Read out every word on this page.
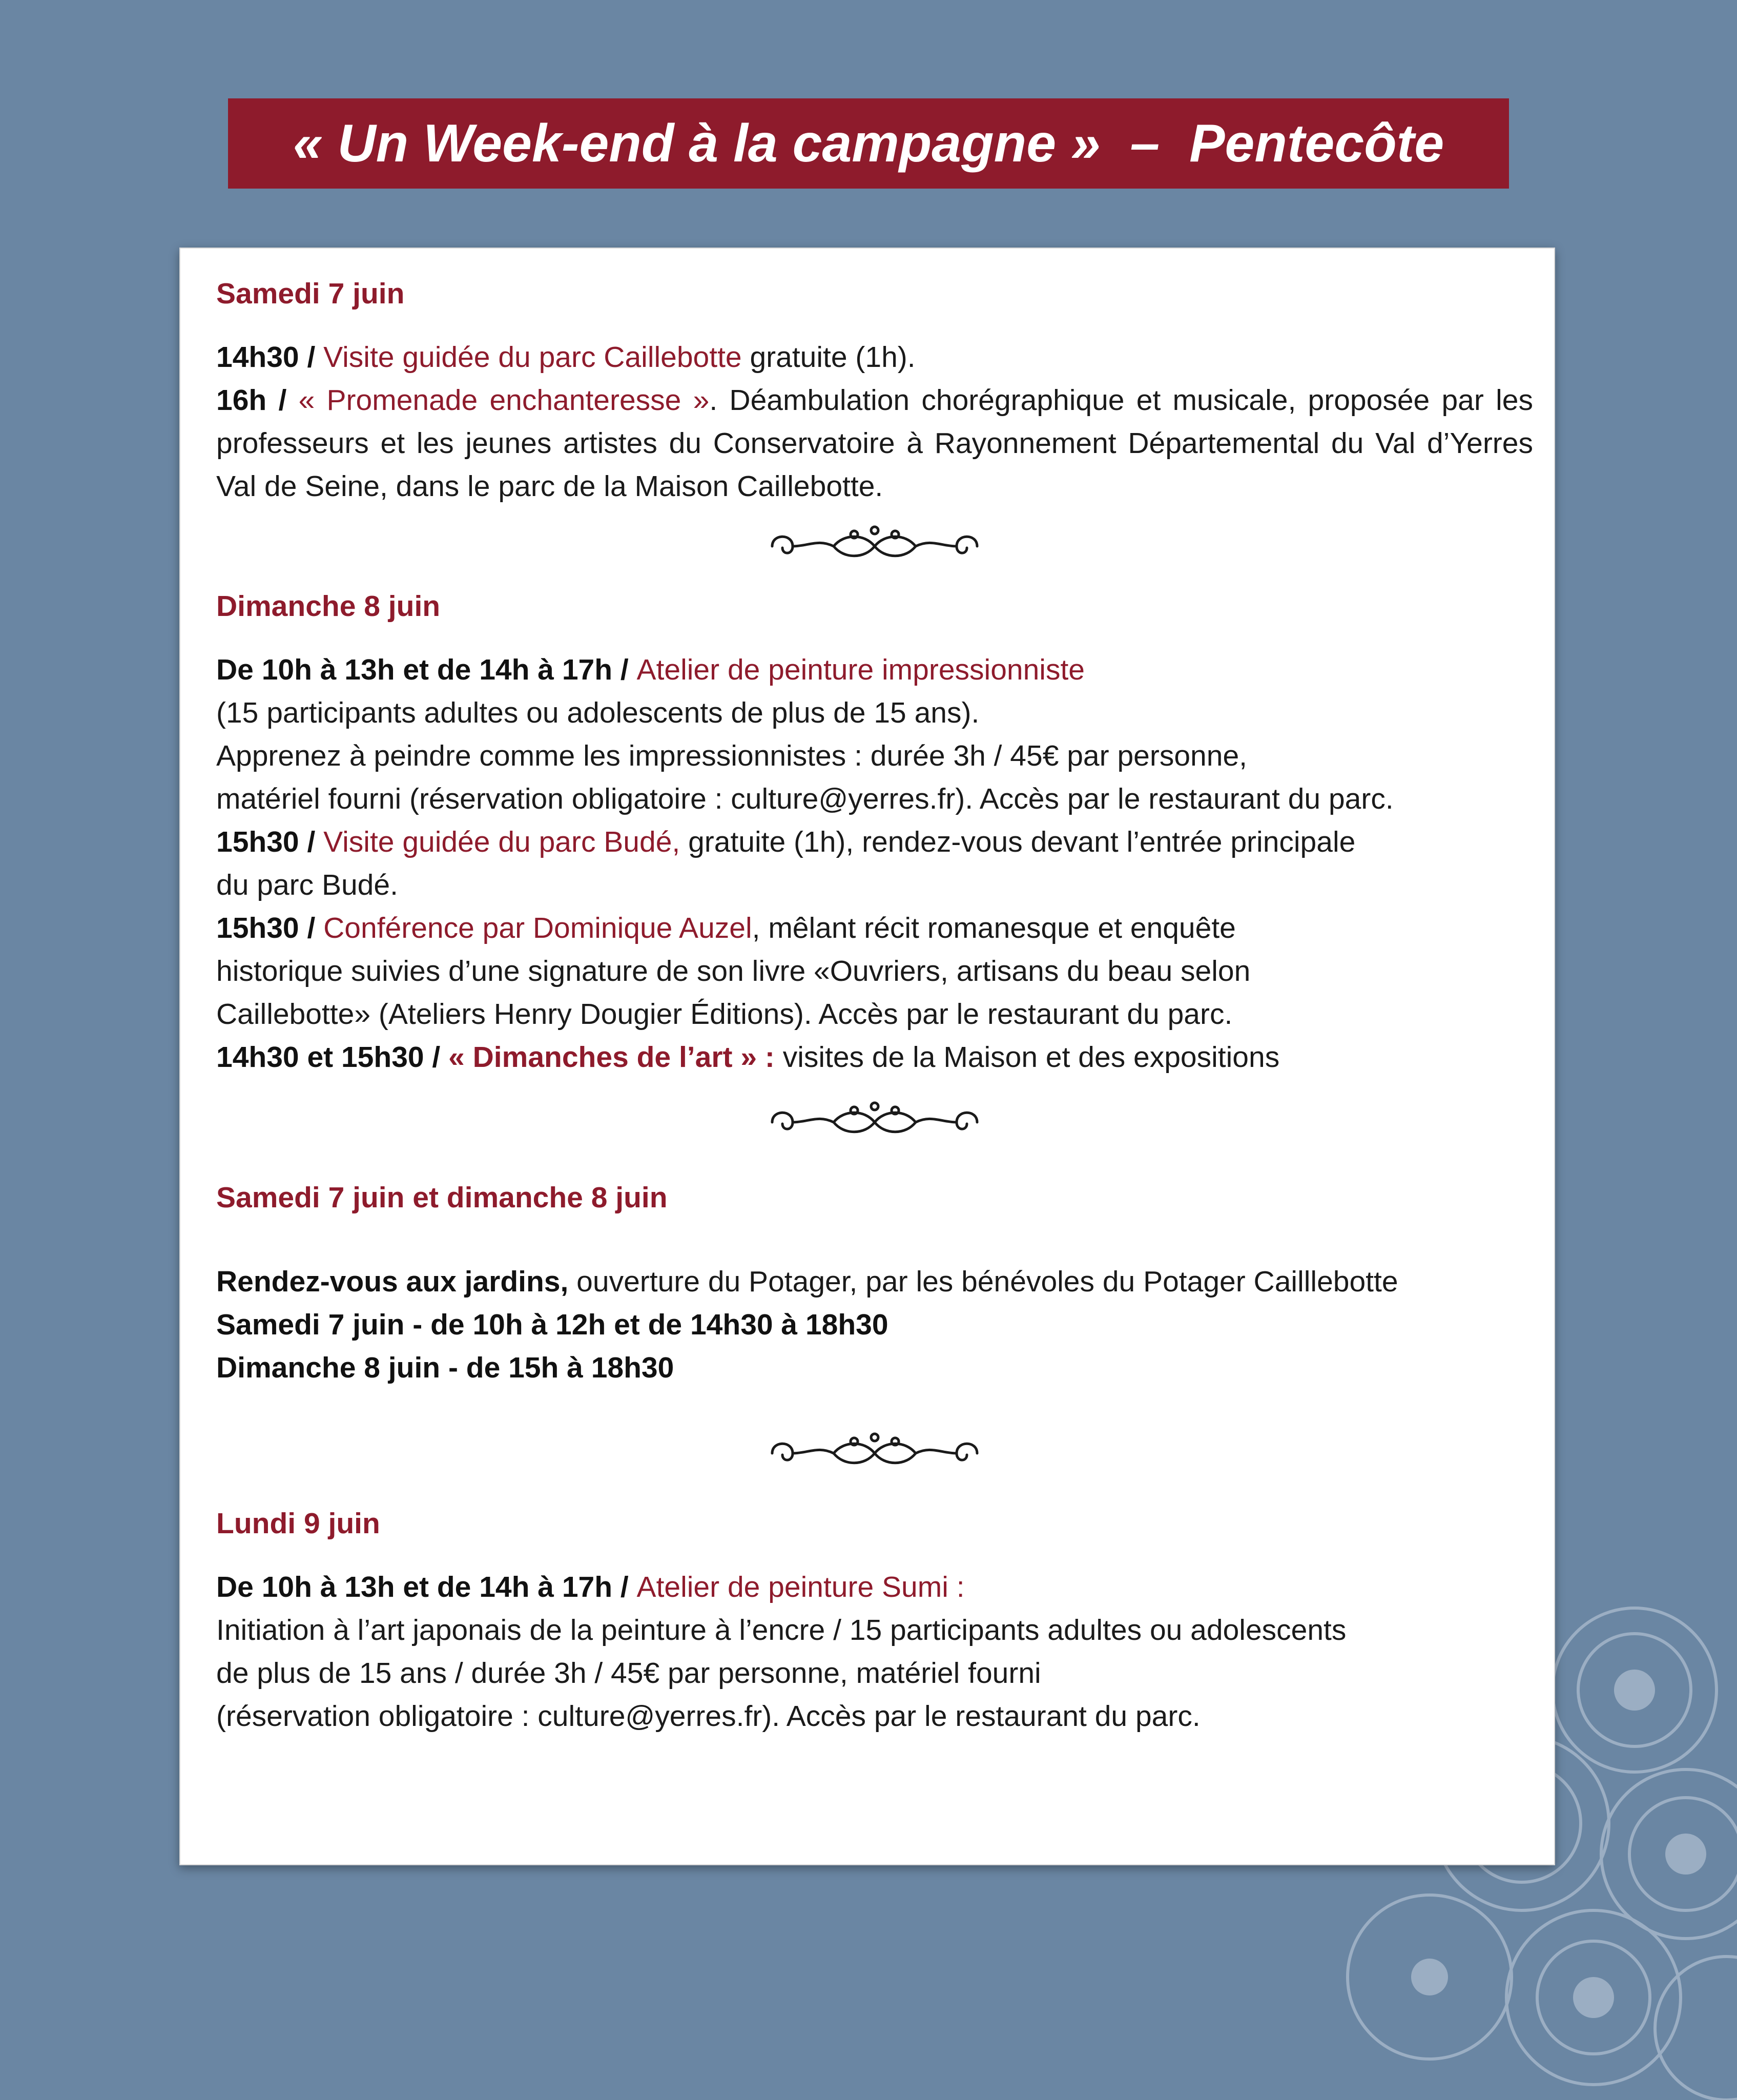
« Un Week-end à la campagne »  –  Pentecôte

Samedi 7 juin

14h30 / Visite guidée du parc Caillebotte gratuite (1h).

16h / « Promenade enchanteresse ». Déambulation chorégraphique et musicale, proposée par les professeurs et les jeunes artistes du Conservatoire à Rayonnement Départemental du Val d’Yerres Val de Seine, dans le parc de la Maison Caillebotte.

Dimanche 8 juin

De 10h à 13h et de 14h à 17h / Atelier de peinture impressionniste
(15 participants adultes ou adolescents de plus de 15 ans).
Apprenez à peindre comme les impressionnistes : durée 3h / 45€ par personne,
matériel fourni (réservation obligatoire : culture@yerres.fr). Accès par le restaurant du parc.

15h30 / Visite guidée du parc Budé, gratuite (1h), rendez-vous devant l’entrée principale
du parc Budé.

15h30 / Conférence par Dominique Auzel, mêlant récit romanesque et enquête
historique suivies d’une signature de son livre «Ouvriers, artisans du beau selon
Caillebotte» (Ateliers Henry Dougier Éditions). Accès par le restaurant du parc.

14h30 et 15h30 / « Dimanches de l’art » : visites de la Maison et des expositions

Samedi 7 juin et dimanche 8 juin

Rendez-vous aux jardins, ouverture du Potager, par les bénévoles du Potager Cailllebotte
Samedi 7 juin - de 10h à 12h et de 14h30 à 18h30
Dimanche 8 juin - de 15h à 18h30

Lundi 9 juin

De 10h à 13h et de 14h à 17h / Atelier de peinture Sumi :
Initiation à l’art japonais de la peinture à l’encre / 15 participants adultes ou adolescents
de plus de 15 ans / durée 3h / 45€ par personne, matériel fourni
(réservation obligatoire : culture@yerres.fr). Accès par le restaurant du parc.
